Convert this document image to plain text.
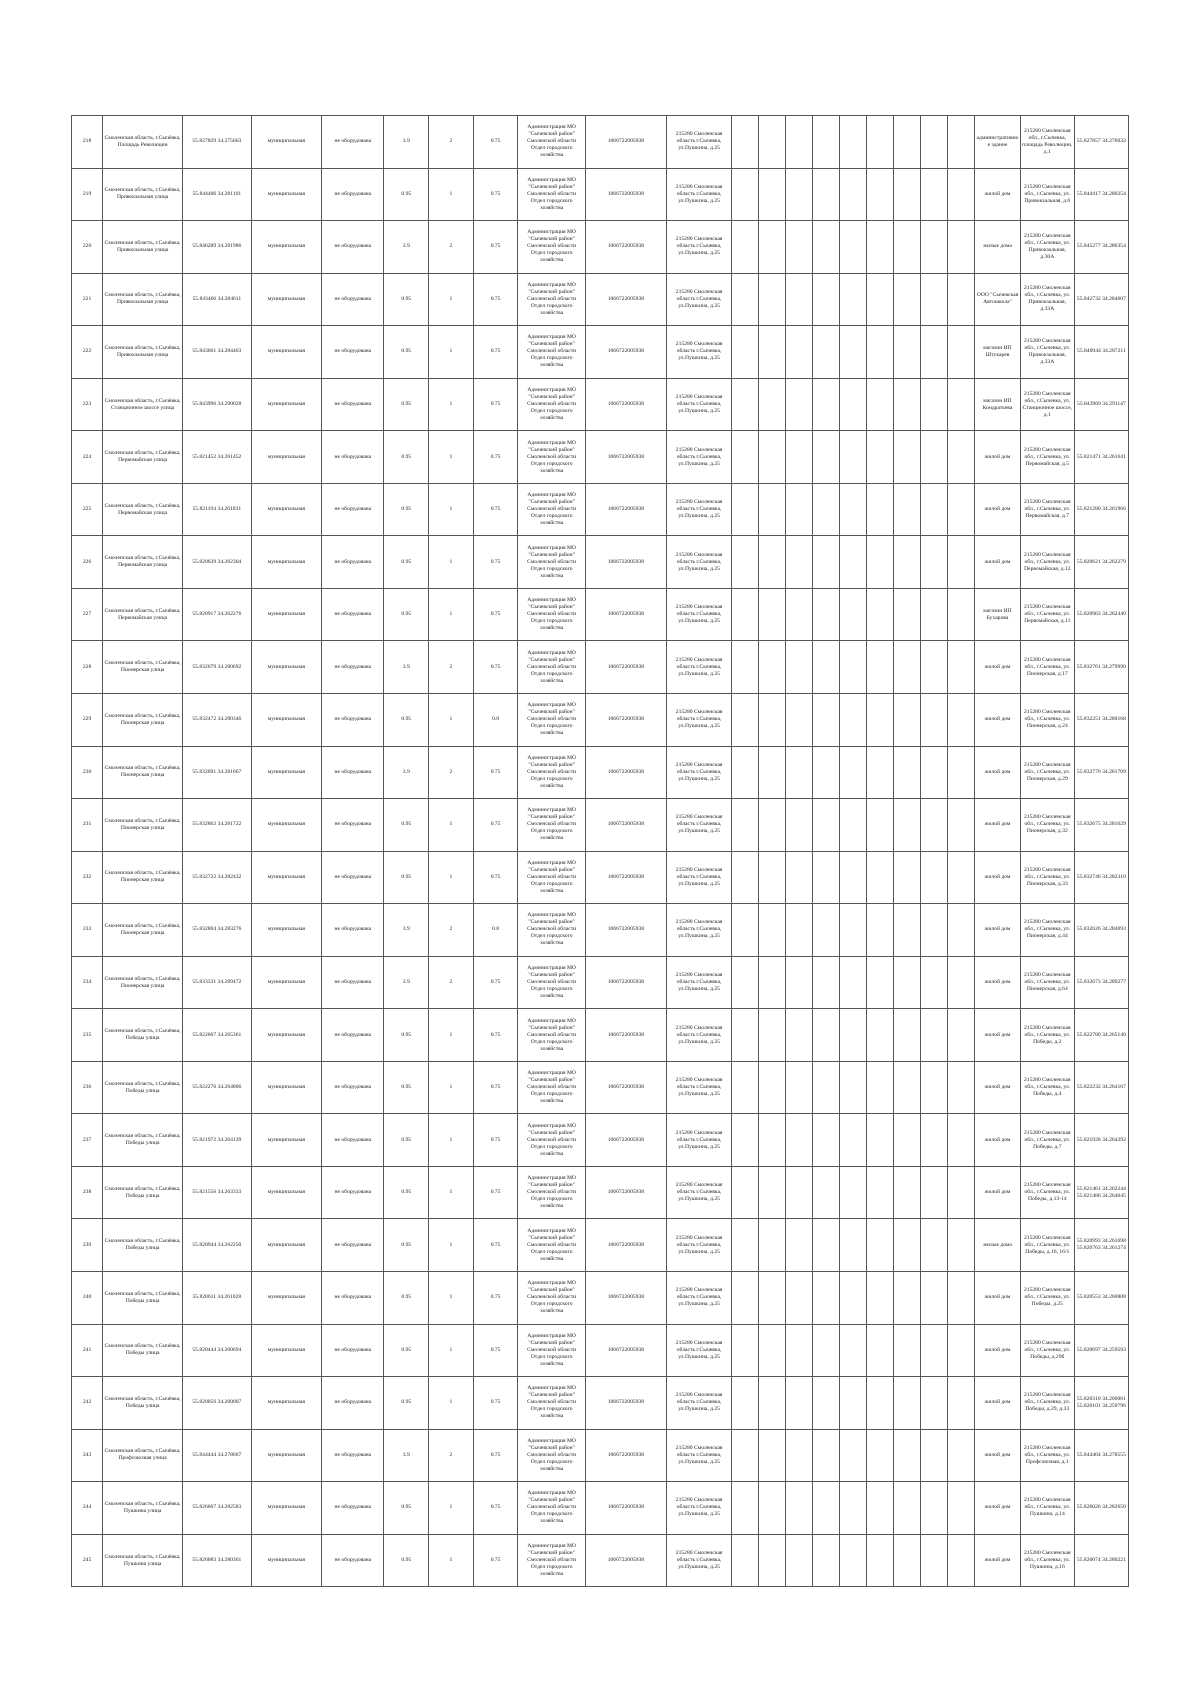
218	Смоленская область, г.Сычёвка, Площадь Революции	55.827829 34.275663	муниципальная	не оборудована	3.9	2	0.75	Администрация МО "Сычевский район" Смоленской области Отдел городского хозяйства	1066722005938	215280 Смоленская область г.Сычевка, ул.Пушкина, д.25										административное здание	215280 Смоленская обл., г.Сычевка, площадь Революции, д.1	55.827857 34.276032
219	Смоленская область, г.Сычёвка, Привокзальная улица	55.844406 34.281101	муниципальная	не оборудована	0.95	1	0.75	Администрация МО "Сычевский район" Смоленской области Отдел городского хозяйства	1066722005938	215280 Смоленская область г.Сычевка, ул.Пушкина, д.25										жилой дом	215280 Смоленская обл., г.Сычевка, ул. Привокзальная, д.6	55.844417 34.280254
220	Смоленская область, г.Сычёвка, Привокзальная улица	55.846289 34.281986	муниципальная	не оборудована	3.9	2	0.75	Администрация МО "Сычевский район" Смоленской области Отдел городского хозяйства	1066722005938	215280 Смоленская область г.Сычевка, ул.Пушкина, д.25										жилые дома	215280 Смоленская обл., г.Сычевка, ул. Привокзальная, д.30А	55.845277 34.280354
221	Смоленская область, г.Сычёвка, Привокзальная улица	55.843466 34.284611	муниципальная	не оборудована	0.95	1	0.75	Администрация МО "Сычевский район" Смоленской области Отдел городского хозяйства	1066722005938	215280 Смоленская область г.Сычевка, ул.Пушкина, д.25										ООО "Сычевская Автошкола"	215280 Смоленская обл., г.Сычевка, ул. Привокзальная, д.33А	55.842732 34.284607
222	Смоленская область, г.Сычёвка, Привокзальная улица	55.843661 34.284463	муниципальная	не оборудована	0.95	1	0.75	Администрация МО "Сычевский район" Смоленской области Отдел городского хозяйства	1066722005938	215280 Смоленская область г.Сычевка, ул.Пушкина, д.25										магазин ИП Штукарев	215280 Смоленская обл., г.Сычевка, ул. Привокзальная, д.33А	55.840944 34.287211
223	Смоленская область, г.Сычёвка, Станционное шоссе улица	55.843996 34.290028	муниципальная	не оборудована	0.95	1	0.75	Администрация МО "Сычевский район" Смоленской области Отдел городского хозяйства	1066722005938	215280 Смоленская область г.Сычевка, ул.Пушкина, д.25										магазин ИП Кондратьева	215280 Смоленская обл., г.Сычевка, ул. Станционное шоссе, д.1	55.843969 34.291147
224	Смоленская область, г.Сычёвка, Первомайская улица	55.821452 34.261452	муниципальная	не оборудована	0.95	1	0.75	Администрация МО "Сычевский район" Смоленской области Отдел городского хозяйства	1066722005938	215280 Смоленская область г.Сычевка, ул.Пушкина, д.25										жилой дом	215280 Смоленская обл., г.Сычевка, ул. Первомайская, д.5	55.821471 34.261641
225	Смоленская область, г.Сычёвка, Первомайская улица	55.821194 34.261831	муниципальная	не оборудована	0.95	1	0.75	Администрация МО "Сычевский район" Смоленской области Отдел городского хозяйства	1066722005938	215280 Смоленская область г.Сычевка, ул.Пушкина, д.25										жилой дом	215280 Смоленская обл., г.Сычевка, ул. Первомайская, д.7	55.821280 34.261966
226	Смоленская область, г.Сычёвка, Первомайская улица	55.820639 34.262304	муниципальная	не оборудована	0.95	1	0.75	Администрация МО "Сычевский район" Смоленской области Отдел городского хозяйства	1066722005938	215280 Смоленская область г.Сычевка, ул.Пушкина, д.25										жилой дом	215280 Смоленская обл., г.Сычевка, ул. Первомайская, д.12	55.820621 34.262279
227	Смоленская область, г.Сычёвка, Первомайская улица	55.820917 34.262276	муниципальная	не оборудована	0.95	1	0.75	Администрация МО "Сычевский район" Смоленской области Отдел городского хозяйства	1066722005938	215280 Смоленская область г.Сычевка, ул.Пушкина, д.25										магазин ИП Бухарова	215280 Смоленская обл., г.Сычевка, ул. Первомайская, д.11	55.820963 34.262440
228	Смоленская область, г.Сычёвка, Пионерская улица	55.832679 34.280692	муниципальная	не оборудована	3.9	2	0.75	Администрация МО "Сычевский район" Смоленской области Отдел городского хозяйства	1066722005938	215280 Смоленская область г.Сычевка, ул.Пушкина, д.25										жилой дом	215280 Смоленская обл., г.Сычевка, ул. Пионерская, д.17	55.832761 34.279990
229	Смоленская область, г.Сычёвка, Пионерская улица	55.832472 34.280346	муниципальная	не оборудована	0.95	1	0.8	Администрация МО "Сычевский район" Смоленской области Отдел городского хозяйства	1066722005938	215280 Смоленская область г.Сычевка, ул.Пушкина, д.25										жилой дом	215280 Смоленская обл., г.Сычевка, ул. Пионерская, д.24	55.832251 34.280168
230	Смоленская область, г.Сычёвка, Пионерская улица	55.832691 34.281667	муниципальная	не оборудована	3.9	2	0.75	Администрация МО "Сычевский район" Смоленской области Отдел городского хозяйства	1066722005938	215280 Смоленская область г.Сычевка, ул.Пушкина, д.25										жилой дом	215280 Смоленская обл., г.Сычевка, ул. Пионерская, д.29	55.832770 34.281709
231	Смоленская область, г.Сычёвка, Пионерская улица	55.832862 34.281722	муниципальная	не оборудована	0.95	1	0.75	Администрация МО "Сычевский район" Смоленской области Отдел городского хозяйства	1066722005938	215280 Смоленская область г.Сычевка, ул.Пушкина, д.25										жилой дом	215280 Смоленская обл., г.Сычевка, ул. Пионерская, д.32	55.832675 34.281629
232	Смоленская область, г.Сычёвка, Пионерская улица	55.832722 34.282432	муниципальная	не оборудована	0.95	1	0.75	Администрация МО "Сычевский район" Смоленской области Отдел городского хозяйства	1066722005938	215280 Смоленская область г.Сычевка, ул.Пушкина, д.25										жилой дом	215280 Смоленская обл., г.Сычевка, ул. Пионерская, д.33	55.832746 34.282310
233	Смоленская область, г.Сычёвка, Пионерская улица	55.832804 34.283276	муниципальная	не оборудована	3.9	2	0.8	Администрация МО "Сычевский район" Смоленской области Отдел городского хозяйства	1066722005938	215280 Смоленская область г.Сычевка, ул.Пушкина, д.25										жилой дом	215280 Смоленская обл., г.Сычевка, ул. Пионерская, д.44	55.832626 34.284093
234	Смоленская область, г.Сычёвка, Пионерская улица	55.833331 34.289472	муниципальная	не оборудована	3.9	2	0.75	Администрация МО "Сычевский район" Смоленской области Отдел городского хозяйства	1066722005938	215280 Смоленская область г.Сычевка, ул.Пушкина, д.25										жилой дом	215280 Смоленская обл., г.Сычевка, ул. Пионерская, д.64	55.832673 34.289277
235	Смоленская область, г.Сычёвка, Победы улица	55.822667 34.265361	муниципальная	не оборудована	0.95	1	0.75	Администрация МО "Сычевский район" Смоленской области Отдел городского хозяйства	1066722005938	215280 Смоленская область г.Сычевка, ул.Пушкина, д.25										жилой дом	215280 Смоленская обл., г.Сычевка, ул. Победы, д.2	55.822780 34.265140
236	Смоленская область, г.Сычёвка, Победы улица	55.822276 34.264806	муниципальная	не оборудована	0.95	1	0.75	Администрация МО "Сычевский район" Смоленской области Отдел городского хозяйства	1066722005938	215280 Смоленская область г.Сычевка, ул.Пушкина, д.25										жилой дом	215280 Смоленская обл., г.Сычевка, ул. Победы, д.4	55.822232 34.264167
237	Смоленская область, г.Сычёвка, Победы улица	55.821972 34.264139	муниципальная	не оборудована	0.95	1	0.75	Администрация МО "Сычевский район" Смоленской области Отдел городского хозяйства	1066722005938	215280 Смоленская область г.Сычевка, ул.Пушкина, д.25										жилой дом	215280 Смоленская обл., г.Сычевка, ул. Победы, д.7	55.821928 34.264292
238	Смоленская область, г.Сычёвка, Победы улица	55.821556 34.263333	муниципальная	не оборудована	0.95	1	0.75	Администрация МО "Сычевский район" Смоленской области Отдел городского хозяйства	1066722005938	215280 Смоленская область г.Сычевка, ул.Пушкина, д.25										жилой дом	215280 Смоленская обл., г.Сычевка, ул. Победы, д.13-14	55.821461 34.262244 55.821486 34.264045
239	Смоленская область, г.Сычёвка, Победы улица	55.820944 34.262250	муниципальная	не оборудована	0.95	1	0.75	Администрация МО "Сычевский район" Смоленской области Отдел городского хозяйства	1066722005938	215280 Смоленская область г.Сычевка, ул.Пушкина, д.25										жилые дома	215280 Смоленская обл., г.Сычевка, ул. Победы, д.16, 16/1	55.820993 34.261698 55.820763 34.261274
240	Смоленская область, г.Сычёвка, Победы улица	55.820611 34.261028	муниципальная	не оборудована	0.95	1	0.75	Администрация МО "Сычевский район" Смоленской области Отдел городского хозяйства	1066722005938	215280 Смоленская область г.Сычевка, ул.Пушкина, д.25										жилой дом	215280 Смоленская обл., г.Сычевка, ул. Победы, д.25	55.820553 34.260808
241	Смоленская область, г.Сычёвка, Победы улица	55.820444 34.260694	муниципальная	не оборудована	0.95	1	0.75	Администрация МО "Сычевский район" Смоленской области Отдел городского хозяйства	1066722005938	215280 Смоленская область г.Сычевка, ул.Пушкина, д.25										жилой дом	215280 Смоленская обл., г.Сычевка, ул. Победы, д.29б	55.820697 34.259593
242	Смоленская область, г.Сычёвка, Победы улица	55.820056 34.260007	муниципальная	не оборудована	0.95	1	0.75	Администрация МО "Сычевский район" Смоленской области Отдел городского хозяйства	1066722005938	215280 Смоленская область г.Сычевка, ул.Пушкина, д.25										жилой дом	215280 Смоленская обл., г.Сычевка, ул. Победы, д.29, д.33	55.820310 34.260061 55.820101 34.259796
243	Смоленская область, г.Сычёвка, Профсоюзная улица	55.844444 34.278667	муниципальная	не оборудована	3.9	2	0.75	Администрация МО "Сычевский район" Смоленской области Отдел городского хозяйства	1066722005938	215280 Смоленская область г.Сычевка, ул.Пушкина, д.25										жилой дом	215280 Смоленская обл., г.Сычевка, ул. Профсоюзная, д.1	55.844464 34.278555
244	Смоленская область, г.Сычёвка, Пушкина улица	55.826667 34.282583	муниципальная	не оборудована	0.95	1	0.75	Администрация МО "Сычевский район" Смоленской области Отдел городского хозяйства	1066722005938	215280 Смоленская область г.Сычевка, ул.Пушкина, д.25										жилой дом	215280 Смоленская обл., г.Сычевка, ул. Пушкина, д.14	55.826026 34.282656
245	Смоленская область, г.Сычёвка, Пушкина улица	55.826083 34.280361	муниципальная	не оборудована	0.95	1	0.75	Администрация МО "Сычевский район" Смоленской области Отдел городского хозяйства	1066722005938	215280 Смоленская область г.Сычевка, ул.Пушкина, д.25										жилой дом	215280 Смоленская обл., г.Сычевка, ул. Пушкина, д.16	55.826074 34.280221
